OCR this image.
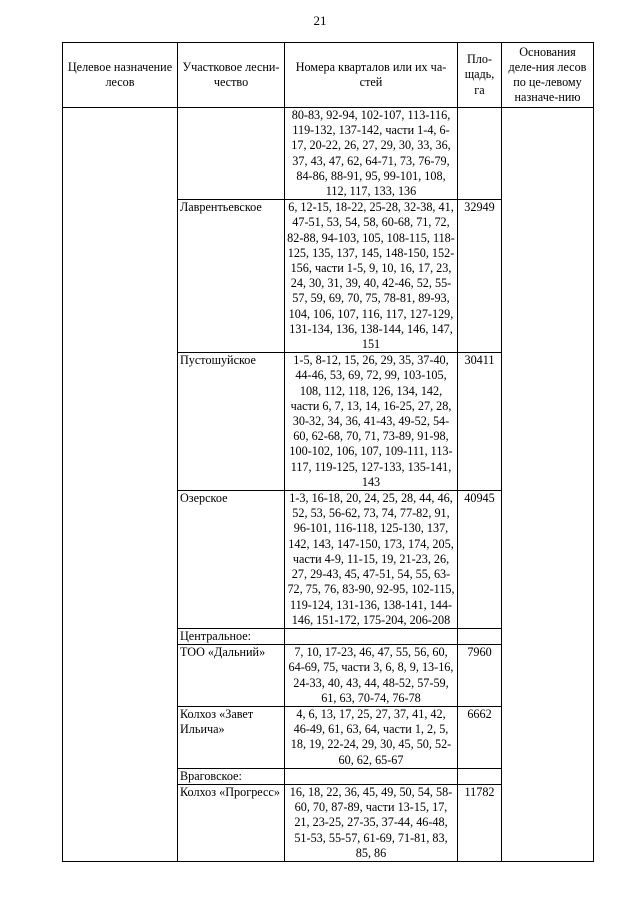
21
Целевое назначение лесов	Участковое лесни-чество	Номера кварталов или их ча-стей	Пло-щадь, га	Основания деле-ния лесов по це-левому назначе-нию
		80-83, 92-94, 102-107, 113-116, 119-132, 137-142, части 1-4, 6-17, 20-22, 26, 27, 29, 30, 33, 36, 37, 43, 47, 62, 64-71, 73, 76-79, 84-86, 88-91, 95, 99-101, 108, 112, 117, 133, 136		
	Лаврентьевское	6, 12-15, 18-22, 25-28, 32-38, 41, 47-51, 53, 54, 58, 60-68, 71, 72, 82-88, 94-103, 105, 108-115, 118-125, 135, 137, 145, 148-150, 152-156, части 1-5, 9, 10, 16, 17, 23, 24, 30, 31, 39, 40, 42-46, 52, 55-57, 59, 69, 70, 75, 78-81, 89-93, 104, 106, 107, 116, 117, 127-129, 131-134, 136, 138-144, 146, 147, 151	32949	
	Пустошуйское	1-5, 8-12, 15, 26, 29, 35, 37-40, 44-46, 53, 69, 72, 99, 103-105, 108, 112, 118, 126, 134, 142, части 6, 7, 13, 14, 16-25, 27, 28, 30-32, 34, 36, 41-43, 49-52, 54-60, 62-68, 70, 71, 73-89, 91-98, 100-102, 106, 107, 109-111, 113-117, 119-125, 127-133, 135-141, 143	30411	
	Озерское	1-3, 16-18, 20, 24, 25, 28, 44, 46, 52, 53, 56-62, 73, 74, 77-82, 91, 96-101, 116-118, 125-130, 137, 142, 143, 147-150, 173, 174, 205, части 4-9, 11-15, 19, 21-23, 26, 27, 29-43, 45, 47-51, 54, 55, 63-72, 75, 76, 83-90, 92-95, 102-115, 119-124, 131-136, 138-141, 144-146, 151-172, 175-204, 206-208	40945	
	Центральное:			
	ТОО «Дальний»	7, 10, 17-23, 46, 47, 55, 56, 60, 64-69, 75, части 3, 6, 8, 9, 13-16, 24-33, 40, 43, 44, 48-52, 57-59, 61, 63, 70-74, 76-78	7960	
	Колхоз «Завет Ильича»	4, 6, 13, 17, 25, 27, 37, 41, 42, 46-49, 61, 63, 64, части 1, 2, 5, 18, 19, 22-24, 29, 30, 45, 50, 52-60, 62, 65-67	6662	
	Враговское:			
	Колхоз «Прогресс»	16, 18, 22, 36, 45, 49, 50, 54, 58-60, 70, 87-89, части 13-15, 17, 21, 23-25, 27-35, 37-44, 46-48, 51-53, 55-57, 61-69, 71-81, 83, 85, 86	11782	
